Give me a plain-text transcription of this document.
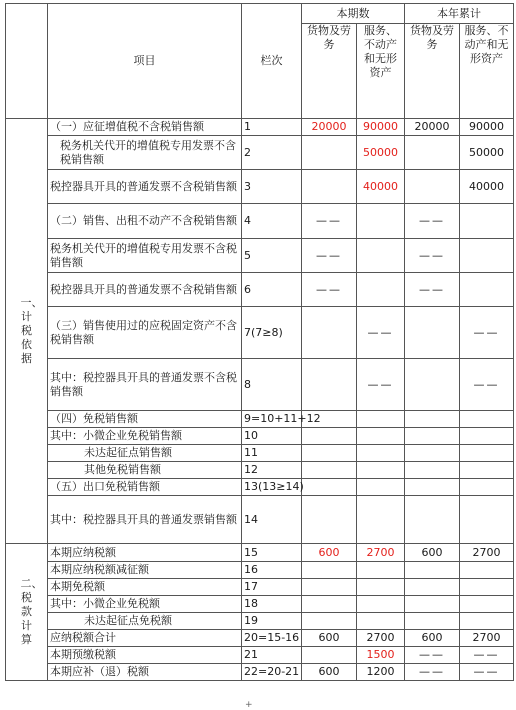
	项目	栏次	本期数		本年累计	
			货物及劳务	服务、不动产和无形资产	货物及劳务	服务、不动产和无形资产
一、计税依据	（一）应征增值税不含税销售额	1	20000	90000	20000	90000
	税务机关代开的增值税专用发票不含税销售额	2		50000		50000
	税控器具开具的普通发票不含税销售额	3		40000		40000
	（二）销售、出租不动产不含税销售额	4	——		——	
	税务机关代开的增值税专用发票不含税销售额	5	——		——	
	税控器具开具的普通发票不含税销售额	6	——		——	
	（三）销售使用过的应税固定资产不含税销售额	7(7≥8)		——		——
	其中：税控器具开具的普通发票不含税销售额	8		——		——
	（四）免税销售额	9=10+11+12				
	其中：小微企业免税销售额	10				
	未达起征点销售额	11				
	其他免税销售额	12				
	（五）出口免税销售额	13(13≥14)				
	其中：税控器具开具的普通发票销售额	14				
二、税款计算	本期应纳税额	15	600	2700	600	2700
	本期应纳税额减征额	16				
	本期免税额	17				
	其中：小微企业免税额	18				
	未达起征点免税额	19				
	应纳税额合计	20=15-16	600	2700	600	2700
	本期预缴税额	21		1500	——	——
	本期应补（退）税额	22=20-21	600	1200	——	——
+
